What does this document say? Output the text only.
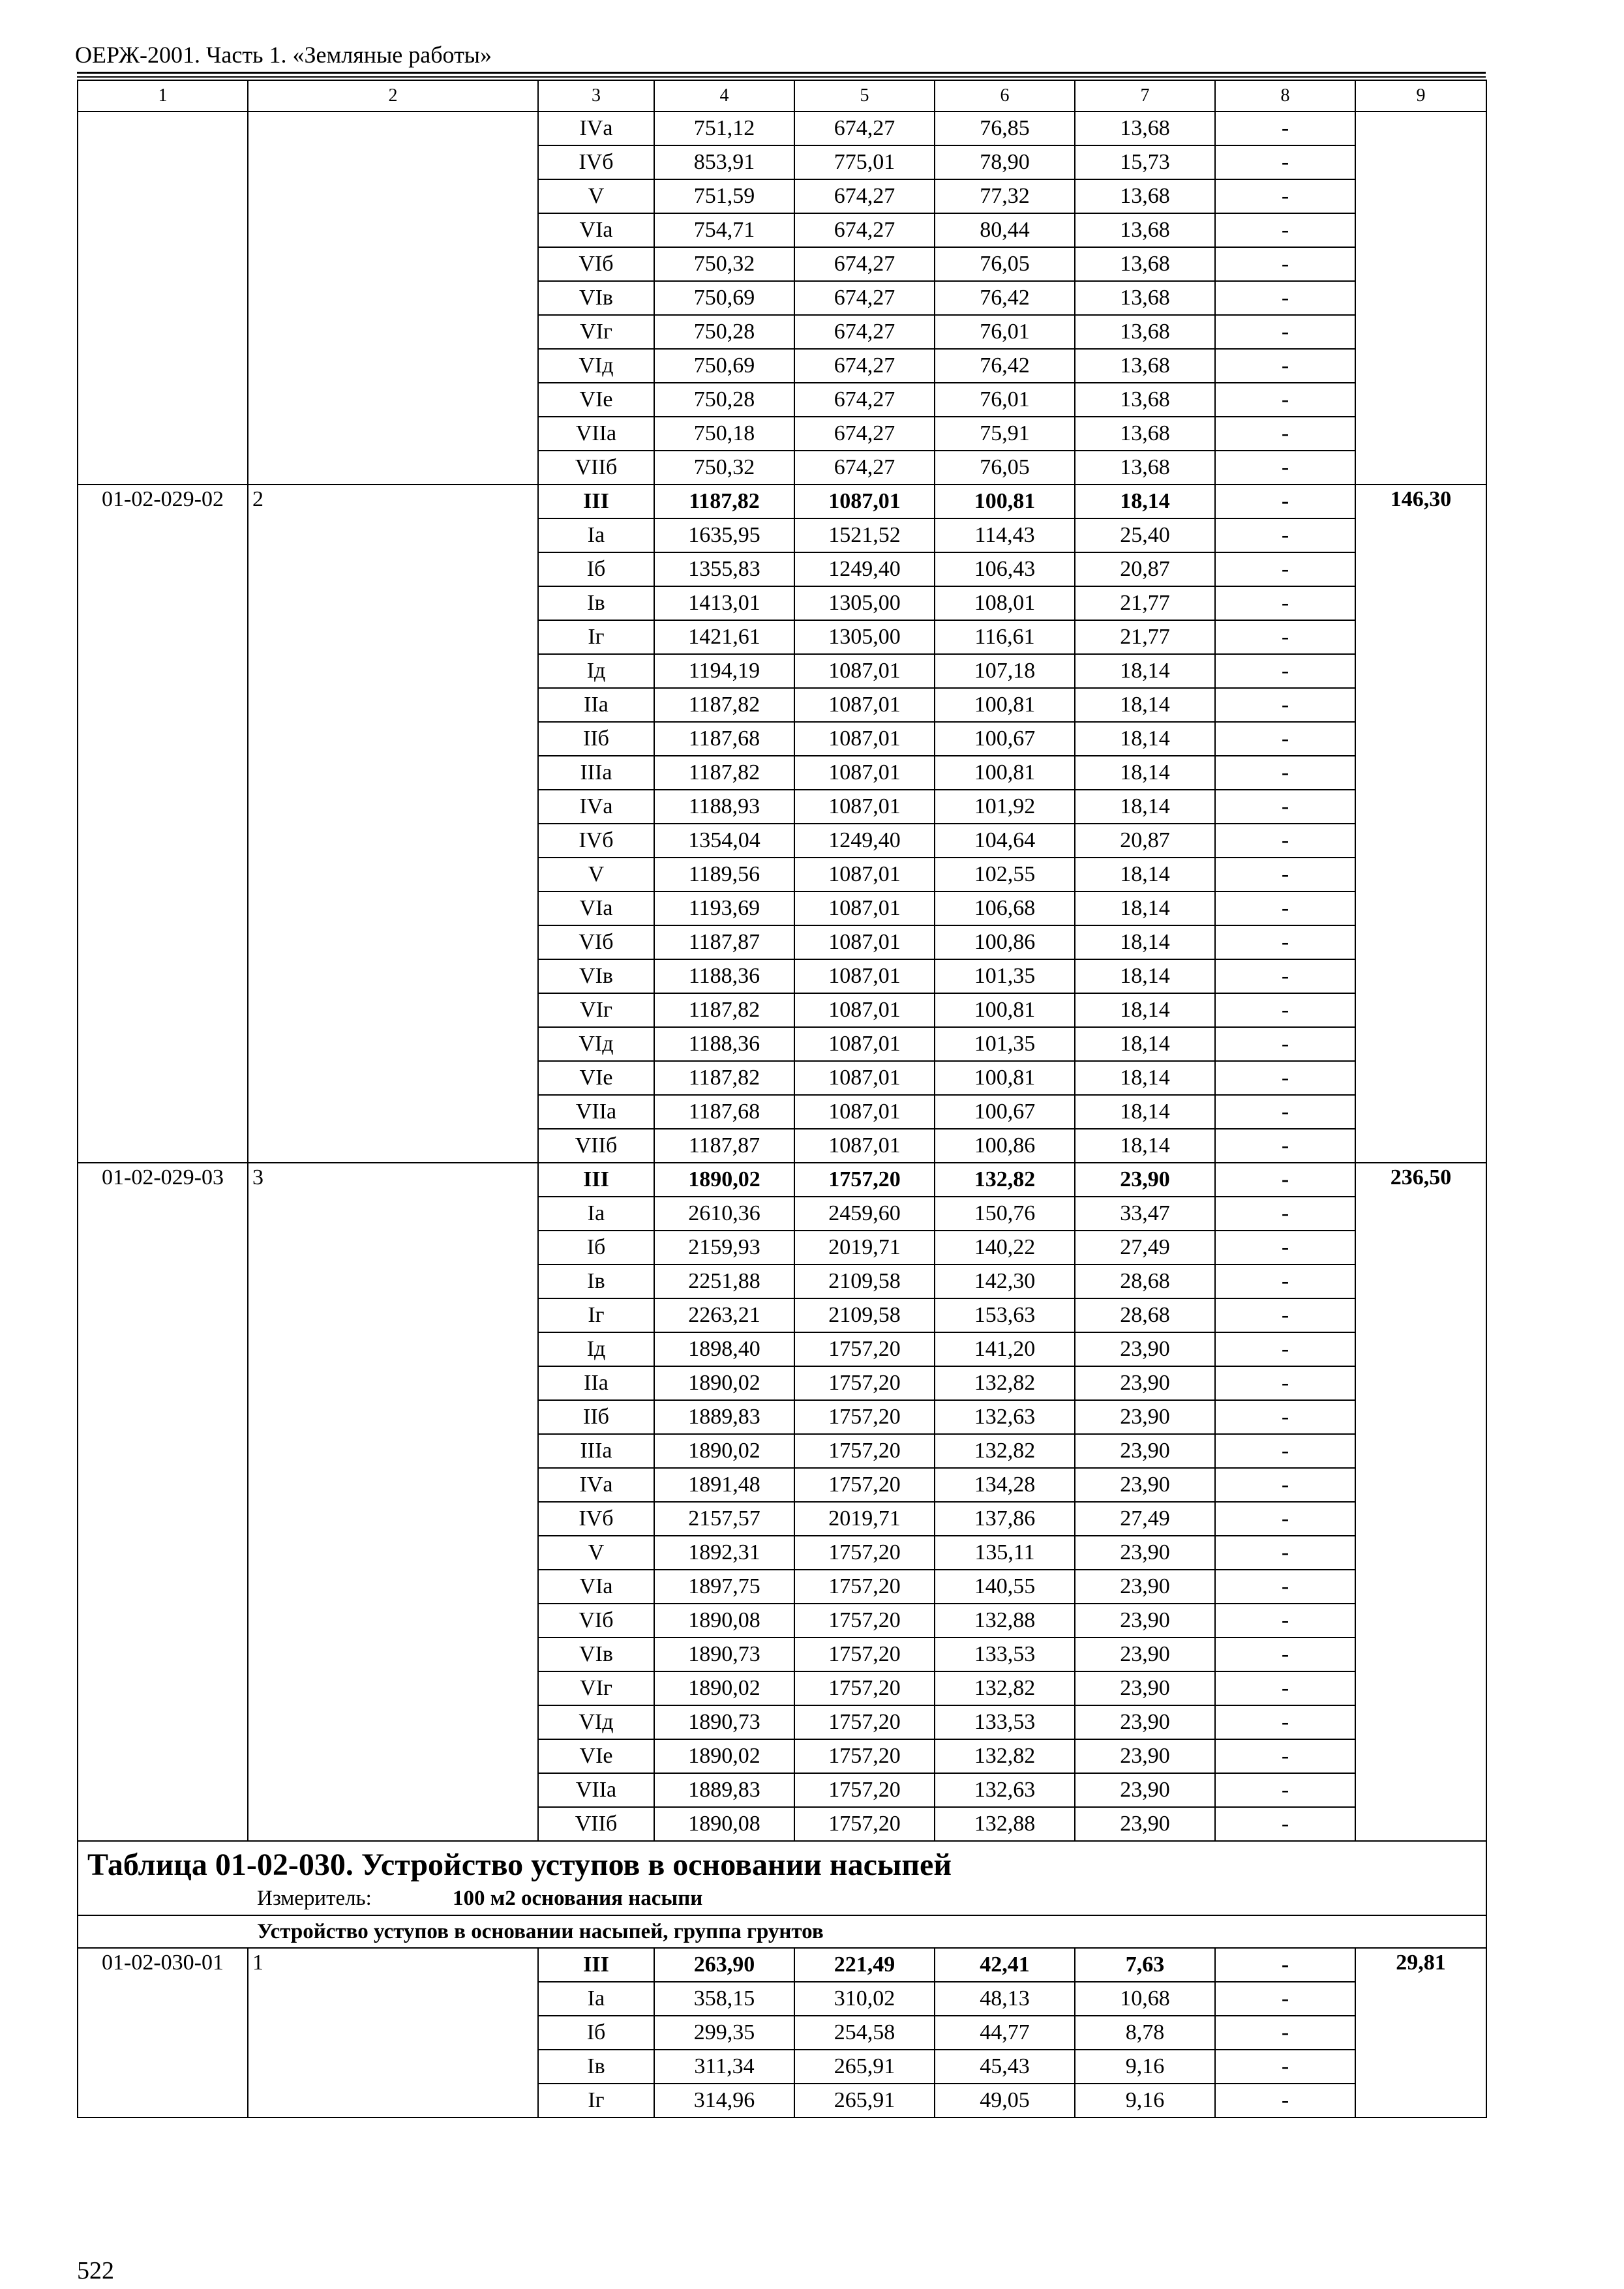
ОЕРЖ-2001. Часть 1. «Земляные работы»
1	2	3	4	5	6	7	8	9
		IVа	751,12	674,27	76,85	13,68	-	
		IVб	853,91	775,01	78,90	15,73	-	
		V	751,59	674,27	77,32	13,68	-	
		VIа	754,71	674,27	80,44	13,68	-	
		VIб	750,32	674,27	76,05	13,68	-	
		VIв	750,69	674,27	76,42	13,68	-	
		VIг	750,28	674,27	76,01	13,68	-	
		VIд	750,69	674,27	76,42	13,68	-	
		VIе	750,28	674,27	76,01	13,68	-	
		VIIа	750,18	674,27	75,91	13,68	-	
		VIIб	750,32	674,27	76,05	13,68	-	
01-02-029-02	2	III	1187,82	1087,01	100,81	18,14	-	146,30
		Iа	1635,95	1521,52	114,43	25,40	-	
		Iб	1355,83	1249,40	106,43	20,87	-	
		Iв	1413,01	1305,00	108,01	21,77	-	
		Iг	1421,61	1305,00	116,61	21,77	-	
		Iд	1194,19	1087,01	107,18	18,14	-	
		IIа	1187,82	1087,01	100,81	18,14	-	
		IIб	1187,68	1087,01	100,67	18,14	-	
		IIIа	1187,82	1087,01	100,81	18,14	-	
		IVа	1188,93	1087,01	101,92	18,14	-	
		IVб	1354,04	1249,40	104,64	20,87	-	
		V	1189,56	1087,01	102,55	18,14	-	
		VIа	1193,69	1087,01	106,68	18,14	-	
		VIб	1187,87	1087,01	100,86	18,14	-	
		VIв	1188,36	1087,01	101,35	18,14	-	
		VIг	1187,82	1087,01	100,81	18,14	-	
		VIд	1188,36	1087,01	101,35	18,14	-	
		VIе	1187,82	1087,01	100,81	18,14	-	
		VIIа	1187,68	1087,01	100,67	18,14	-	
		VIIб	1187,87	1087,01	100,86	18,14	-	
01-02-029-03	3	III	1890,02	1757,20	132,82	23,90	-	236,50
		Iа	2610,36	2459,60	150,76	33,47	-	
		Iб	2159,93	2019,71	140,22	27,49	-	
		Iв	2251,88	2109,58	142,30	28,68	-	
		Iг	2263,21	2109,58	153,63	28,68	-	
		Iд	1898,40	1757,20	141,20	23,90	-	
		IIа	1890,02	1757,20	132,82	23,90	-	
		IIб	1889,83	1757,20	132,63	23,90	-	
		IIIа	1890,02	1757,20	132,82	23,90	-	
		IVа	1891,48	1757,20	134,28	23,90	-	
		IVб	2157,57	2019,71	137,86	27,49	-	
		V	1892,31	1757,20	135,11	23,90	-	
		VIа	1897,75	1757,20	140,55	23,90	-	
		VIб	1890,08	1757,20	132,88	23,90	-	
		VIв	1890,73	1757,20	133,53	23,90	-	
		VIг	1890,02	1757,20	132,82	23,90	-	
		VIд	1890,73	1757,20	133,53	23,90	-	
		VIе	1890,02	1757,20	132,82	23,90	-	
		VIIа	1889,83	1757,20	132,63	23,90	-	
		VIIб	1890,08	1757,20	132,88	23,90	-	

Таблица 01-02-030. Устройство уступов в основании насыпей
Измеритель: 100 м2 основания насыпи								

Устройство уступов в основании насыпей, группа грунтов								
01-02-030-01	1	III	263,90	221,49	42,41	7,63	-	29,81
		Iа	358,15	310,02	48,13	10,68	-	
		Iб	299,35	254,58	44,77	8,78	-	
		Iв	311,34	265,91	45,43	9,16	-	
		Iг	314,96	265,91	49,05	9,16	-	
522
